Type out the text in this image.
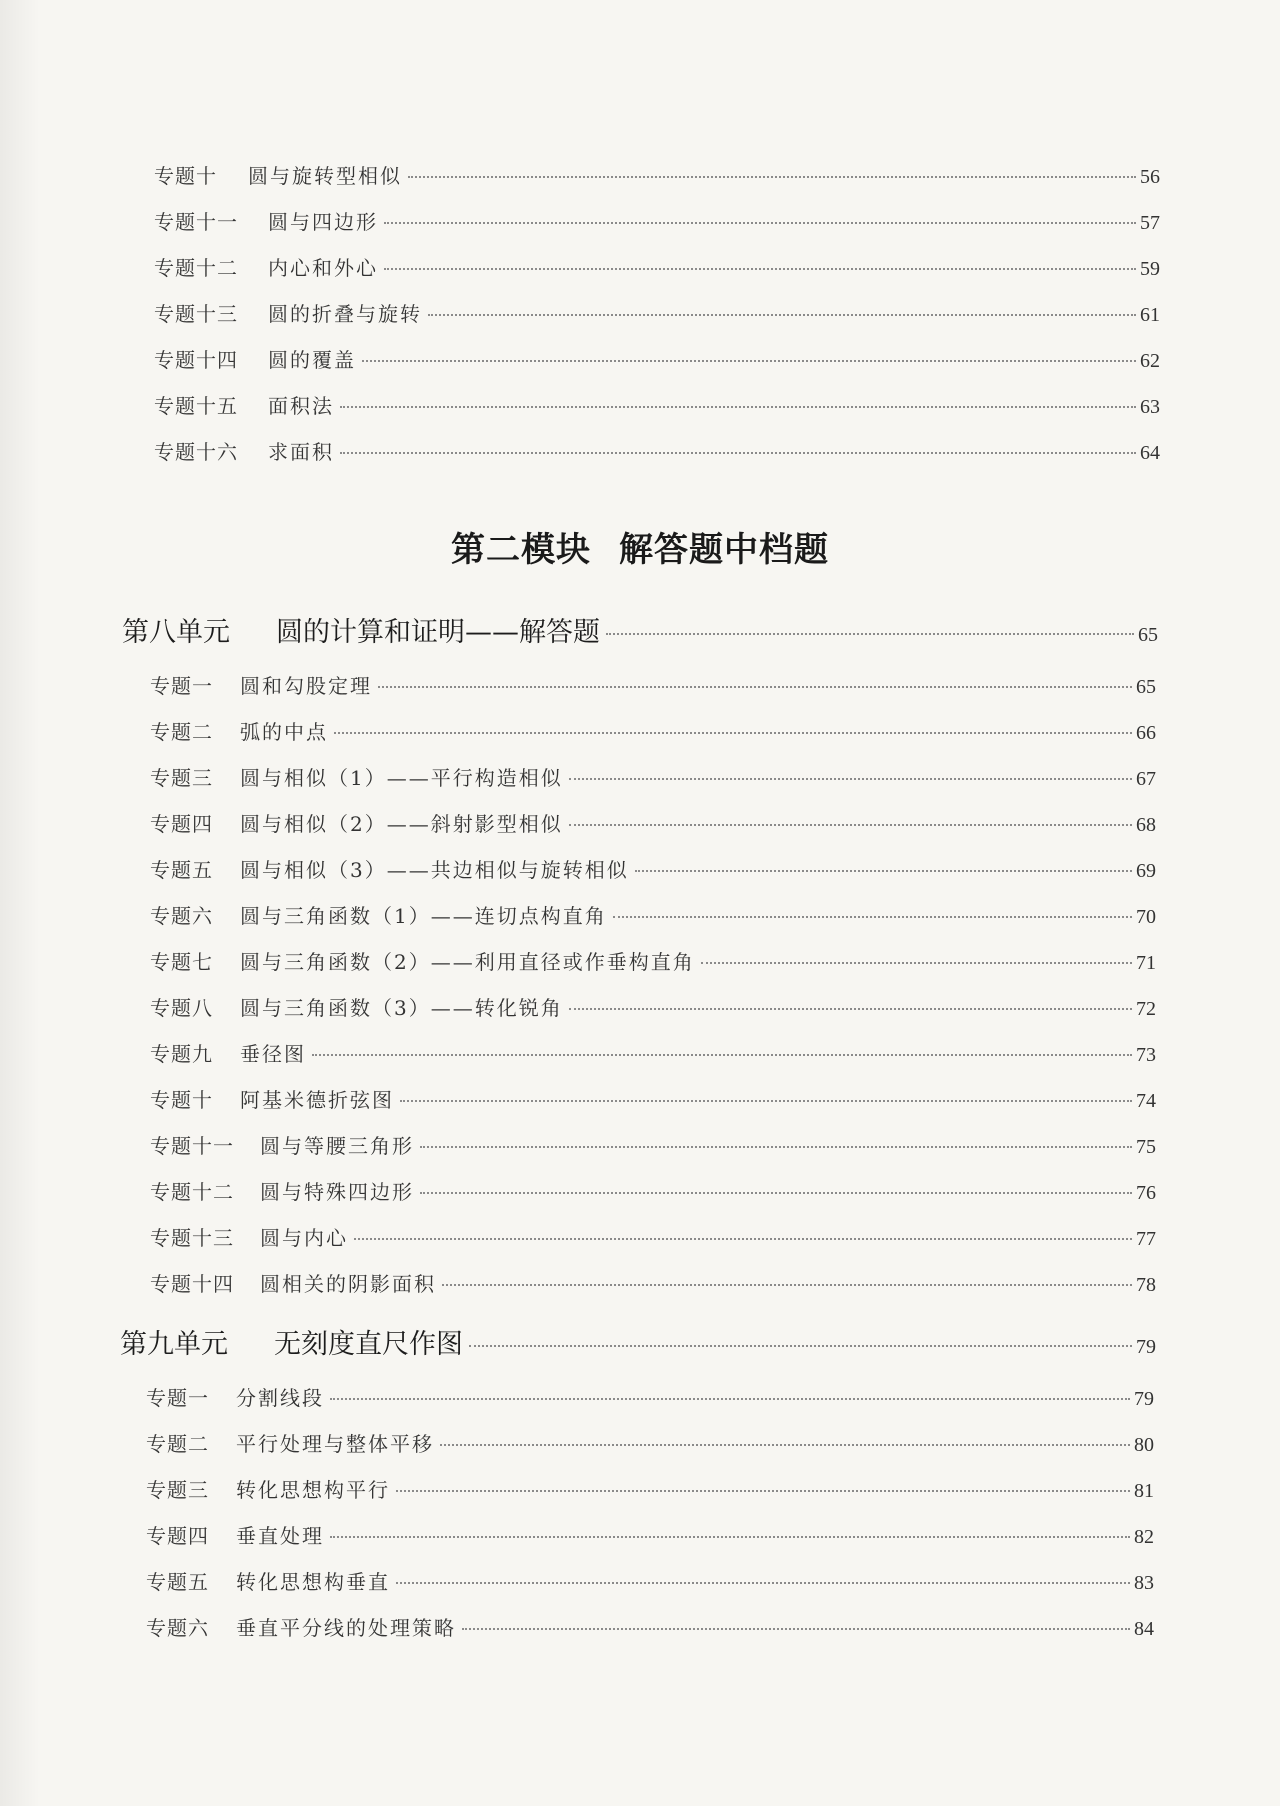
专题十	圆与旋转型相似	56
专题十一	圆与四边形	57
专题十二	内心和外心	59
专题十三	圆的折叠与旋转	61
专题十四	圆的覆盖	62
专题十五	面积法	63
专题十六	求面积	64
第二模块 解答题中档题
第八单元	圆的计算和证明——解答题	65
专题一	圆和勾股定理	65
专题二	弧的中点	66
专题三	圆与相似（1）——平行构造相似	67
专题四	圆与相似（2）——斜射影型相似	68
专题五	圆与相似（3）——共边相似与旋转相似	69
专题六	圆与三角函数（1）——连切点构直角	70
专题七	圆与三角函数（2）——利用直径或作垂构直角	71
专题八	圆与三角函数（3）——转化锐角	72
专题九	垂径图	73
专题十	阿基米德折弦图	74
专题十一	圆与等腰三角形	75
专题十二	圆与特殊四边形	76
专题十三	圆与内心	77
专题十四	圆相关的阴影面积	78
第九单元	无刻度直尺作图	79
专题一	分割线段	79
专题二	平行处理与整体平移	80
专题三	转化思想构平行	81
专题四	垂直处理	82
专题五	转化思想构垂直	83
专题六	垂直平分线的处理策略	84
